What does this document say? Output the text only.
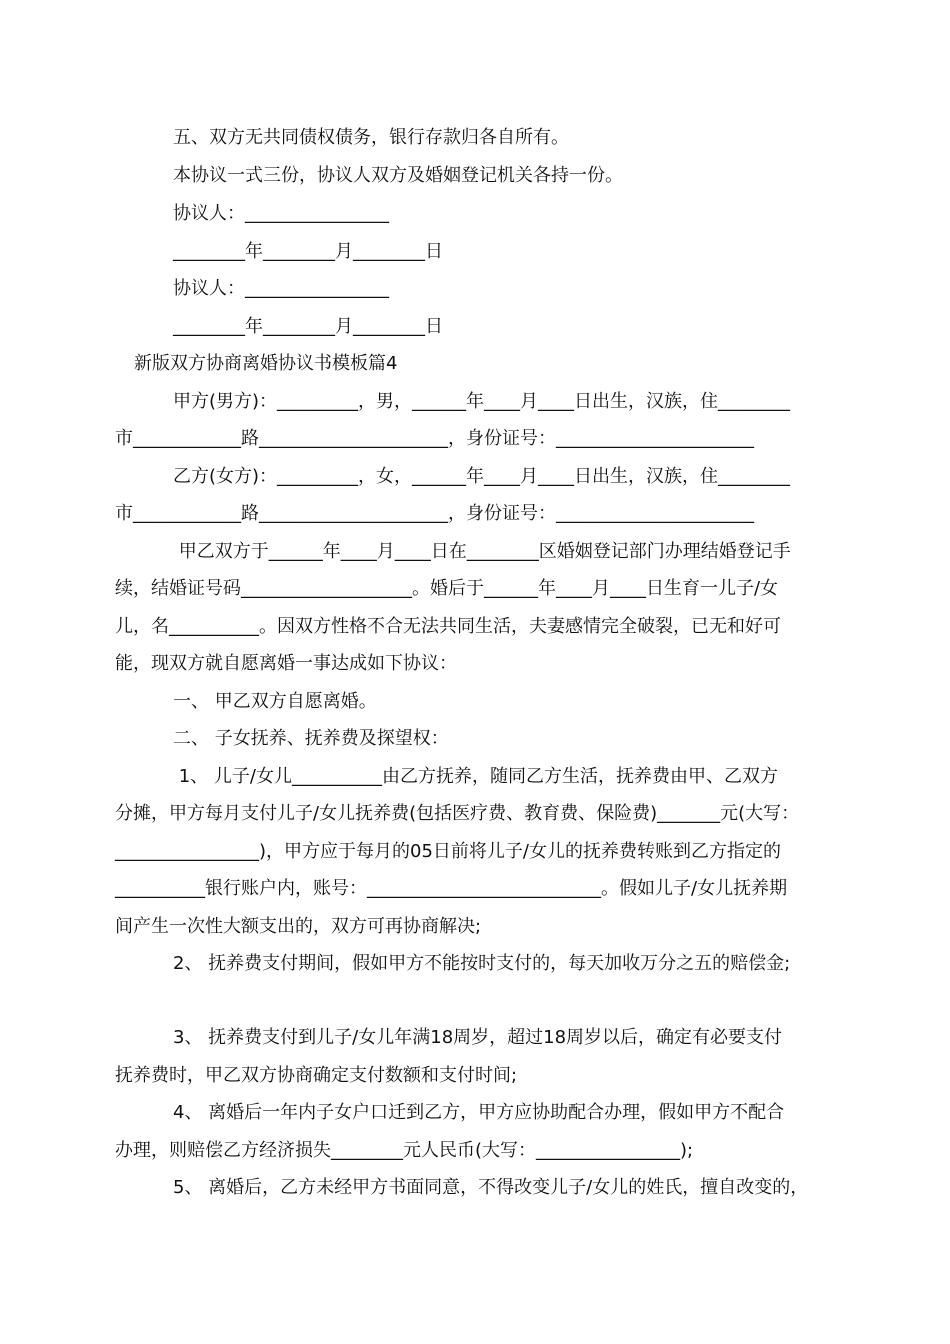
五、双方无共同债权债务，银行存款归各自所有。
本协议一式三份，协议人双方及婚姻登记机关各持一份。
协议人：________________
________年________月________日
协议人：________________
________年________月________日
新版双方协商离婚协议书模板篇4
甲方(男方)：_________，男，______年____月____日出生，汉族，住________
市____________路_____________________，身份证号：______________________
乙方(女方)：_________，女，______年____月____日出生，汉族，住________
市____________路_____________________，身份证号：______________________
甲乙双方于______年____月____日在________区婚姻登记部门办理结婚登记手
续，结婚证号码___________________。婚后于______年____月____日生育一儿子/女
儿，名__________。因双方性格不合无法共同生活，夫妻感情完全破裂，已无和好可
能，现双方就自愿离婚一事达成如下协议：
一、 甲乙双方自愿离婚。
二、 子女抚养、抚养费及探望权：
1、 儿子/女儿__________由乙方抚养，随同乙方生活，抚养费由甲、乙双方
分摊，甲方每月支付儿子/女儿抚养费(包括医疗费、教育费、保险费)_______元(大写：
________________)，甲方应于每月的05日前将儿子/女儿的抚养费转账到乙方指定的
__________银行账户内，账号：__________________________。假如儿子/女儿抚养期
间产生一次性大额支出的，双方可再协商解决;
2、 抚养费支付期间，假如甲方不能按时支付的，每天加收万分之五的赔偿金;
3、 抚养费支付到儿子/女儿年满18周岁，超过18周岁以后，确定有必要支付
抚养费时，甲乙双方协商确定支付数额和支付时间;
4、 离婚后一年内子女户口迁到乙方，甲方应协助配合办理，假如甲方不配合
办理，则赔偿乙方经济损失________元人民币(大写：________________);
5、 离婚后，乙方未经甲方书面同意，不得改变儿子/女儿的姓氏，擅自改变的，
